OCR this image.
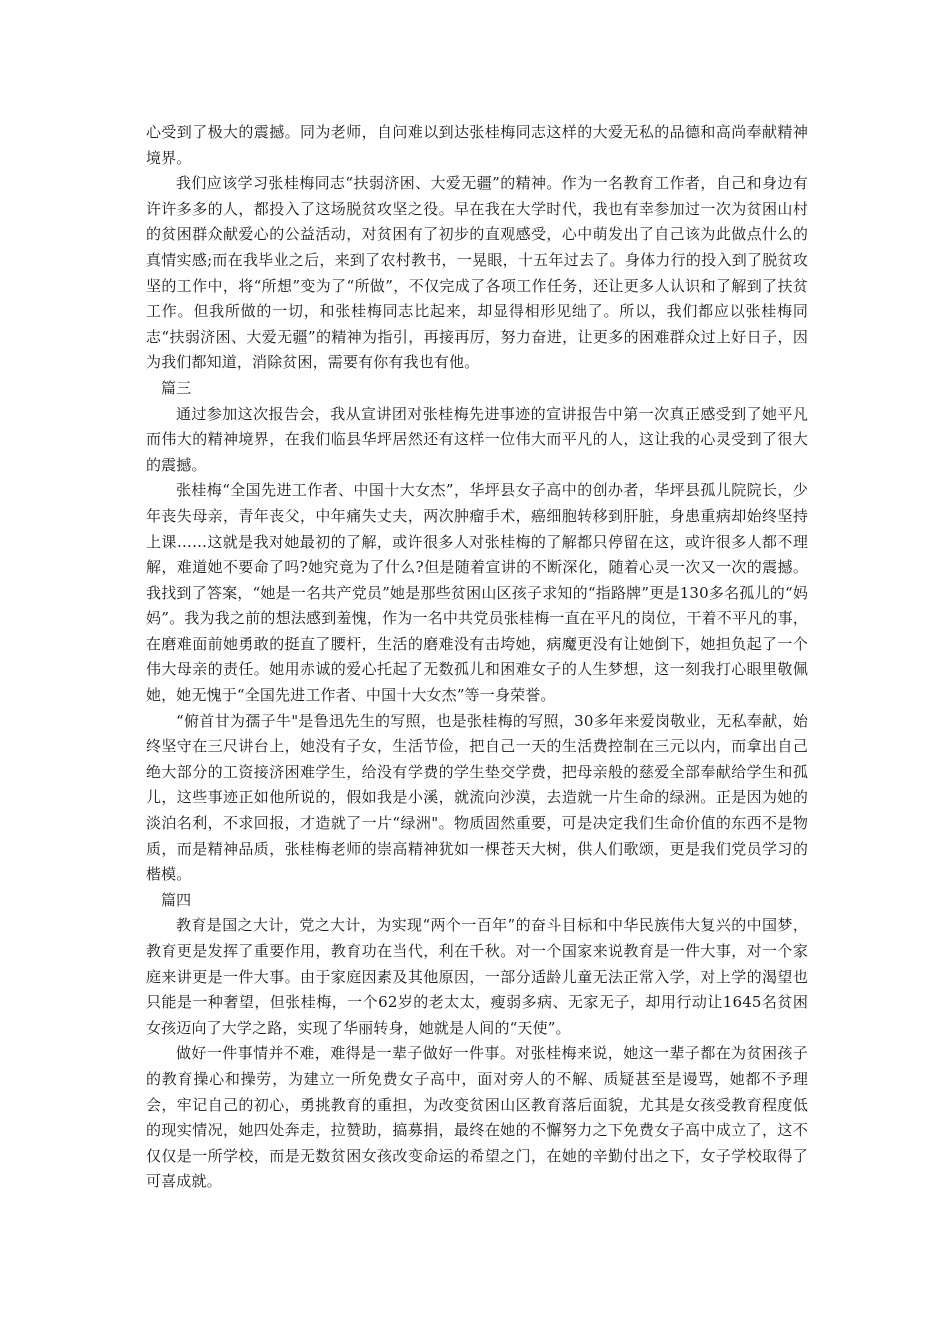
心受到了极大的震撼。同为老师，自问难以到达张桂梅同志这样的大爱无私的品德和高尚奉献精神境界。

我们应该学习张桂梅同志“扶弱济困、大爱无疆”的精神。作为一名教育工作者，自己和身边有许许多多的人，都投入了这场脱贫攻坚之役。早在我在大学时代，我也有幸参加过一次为贫困山村的贫困群众献爱心的公益活动，对贫困有了初步的直观感受，心中萌发出了自己该为此做点什么的真情实感;而在我毕业之后，来到了农村教书，一晃眼，十五年过去了。身体力行的投入到了脱贫攻坚的工作中，将“所想”变为了“所做”，不仅完成了各项工作任务，还让更多人认识和了解到了扶贫工作。但我所做的一切，和张桂梅同志比起来，却显得相形见绌了。所以，我们都应以张桂梅同志“扶弱济困、大爱无疆”的精神为指引，再接再厉，努力奋进，让更多的困难群众过上好日子，因为我们都知道，消除贫困，需要有你有我也有他。

篇三

通过参加这次报告会，我从宣讲团对张桂梅先进事迹的宣讲报告中第一次真正感受到了她平凡而伟大的精神境界，在我们临县华坪居然还有这样一位伟大而平凡的人，这让我的心灵受到了很大的震撼。

张桂梅“全国先进工作者、中国十大女杰”，华坪县女子高中的创办者，华坪县孤儿院院长，少年丧失母亲，青年丧父，中年痛失丈夫，两次肿瘤手术，癌细胞转移到肝脏，身患重病却始终坚持上课……这就是我对她最初的了解，或许很多人对张桂梅的了解都只停留在这，或许很多人都不理解，难道她不要命了吗?她究竟为了什么?但是随着宣讲的不断深化，随着心灵一次又一次的震撼。我找到了答案，“她是一名共产党员”她是那些贫困山区孩子求知的“指路牌”更是130多名孤儿的“妈妈”。我为我之前的想法感到羞愧，作为一名中共党员张桂梅一直在平凡的岗位，干着不平凡的事，在磨难面前她勇敢的挺直了腰杆，生活的磨难没有击垮她，病魔更没有让她倒下，她担负起了一个伟大母亲的责任。她用赤诚的爱心托起了无数孤儿和困难女子的人生梦想，这一刻我打心眼里敬佩她，她无愧于“全国先进工作者、中国十大女杰”等一身荣誉。

“俯首甘为孺子牛"是鲁迅先生的写照，也是张桂梅的写照，30多年来爱岗敬业，无私奉献，始终坚守在三尺讲台上，她没有子女，生活节俭，把自己一天的生活费控制在三元以内，而拿出自己绝大部分的工资接济困难学生，给没有学费的学生垫交学费，把母亲般的慈爱全部奉献给学生和孤儿，这些事迹正如他所说的，假如我是小溪，就流向沙漠，去造就一片生命的绿洲。正是因为她的淡泊名利，不求回报，才造就了一片“绿洲"。物质固然重要，可是决定我们生命价值的东西不是物质，而是精神品质，张桂梅老师的崇高精神犹如一棵苍天大树，供人们歌颂，更是我们党员学习的楷模。

篇四

教育是国之大计，党之大计，为实现“两个一百年”的奋斗目标和中华民族伟大复兴的中国梦，教育更是发挥了重要作用，教育功在当代，利在千秋。对一个国家来说教育是一件大事，对一个家庭来讲更是一件大事。由于家庭因素及其他原因，一部分适龄儿童无法正常入学，对上学的渴望也只能是一种奢望，但张桂梅，一个62岁的老太太，瘦弱多病、无家无子，却用行动让1645名贫困女孩迈向了大学之路，实现了华丽转身，她就是人间的“天使”。

做好一件事情并不难，难得是一辈子做好一件事。对张桂梅来说，她这一辈子都在为贫困孩子的教育操心和操劳，为建立一所免费女子高中，面对旁人的不解、质疑甚至是谩骂，她都不予理会，牢记自己的初心，勇挑教育的重担，为改变贫困山区教育落后面貌，尤其是女孩受教育程度低的现实情况，她四处奔走，拉赞助，搞募捐，最终在她的不懈努力之下免费女子高中成立了，这不仅仅是一所学校，而是无数贫困女孩改变命运的希望之门，在她的辛勤付出之下，女子学校取得了可喜成就。
